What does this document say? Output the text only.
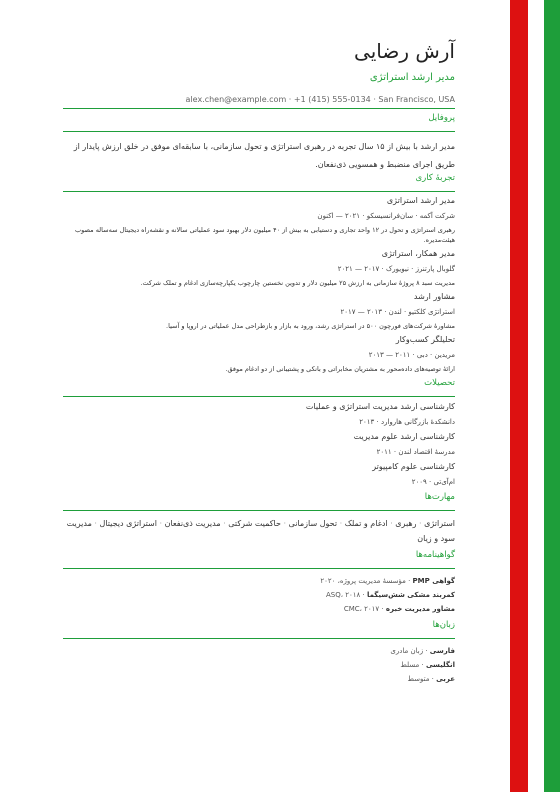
آرش رضایی
مدیر ارشد استراتژی
alex.chen@example.com · +1 (415) 555-0134 · San Francisco, USA
پروفایل
مدیر ارشد با بیش از ۱۵ سال تجربه در رهبری استراتژی و تحول سازمانی، با سابقه‌ای موفق در خلق ارزش پایدار از طریق اجرای منضبط و همسویی ذی‌نفعان.
تجربهٔ کاری
مدیر ارشد استراتژی
شرکت آکمه · سان‌فرانسیسکو · ۲۰۲۱ — اکنون
رهبری استراتژی و تحول در ۱۲ واحد تجاری و دستیابی به بیش از ۴۰ میلیون دلار بهبود سود عملیاتی سالانه و نقشه‌راه دیجیتال سه‌ساله مصوب هیئت‌مدیره.
مدیر همکار، استراتژی
گلوبال پارتنرز · نیویورک · ۲۰۱۷ — ۲۰۲۱
مدیریت سبد ۸ پروژهٔ سازمانی به ارزش ۲۵ میلیون دلار و تدوین نخستین چارچوب یکپارچه‌سازی ادغام و تملک شرکت.
مشاور ارشد
استراتژی کلکتیو · لندن · ۲۰۱۳ — ۲۰۱۷
مشاورهٔ شرکت‌های فورچون ۵۰۰ در استراتژی رشد، ورود به بازار و بازطراحی مدل عملیاتی در اروپا و آسیا.
تحلیلگر کسب‌وکار
مریدین · دبی · ۲۰۱۱ — ۲۰۱۳
ارائهٔ توصیه‌های داده‌محور به مشتریان مخابراتی و بانکی و پشتیبانی از دو ادغام موفق.
تحصیلات
کارشناسی ارشد مدیریت استراتژی و عملیات
دانشکدهٔ بازرگانی هاروارد · ۲۰۱۳
کارشناسی ارشد علوم مدیریت
مدرسهٔ اقتصاد لندن · ۲۰۱۱
کارشناسی علوم کامپیوتر
ام‌آی‌تی · ۲۰۰۹
مهارت‌ها
استراتژی · رهبری · ادغام و تملک · تحول سازمانی · حاکمیت شرکتی · مدیریت ذی‌نفعان · استراتژی دیجیتال · مدیریت سود و زیان
گواهینامه‌ها
گواهی PMP · مؤسسهٔ مدیریت پروژه، ۲۰۲۰
کمربند مشکی شش‌سیگما · ASQ، ۲۰۱۸
مشاور مدیریت خبره · CMC، ۲۰۱۷
زبان‌ها
فارسی · زبان مادری
انگلیسی · مسلط
عربی · متوسط
